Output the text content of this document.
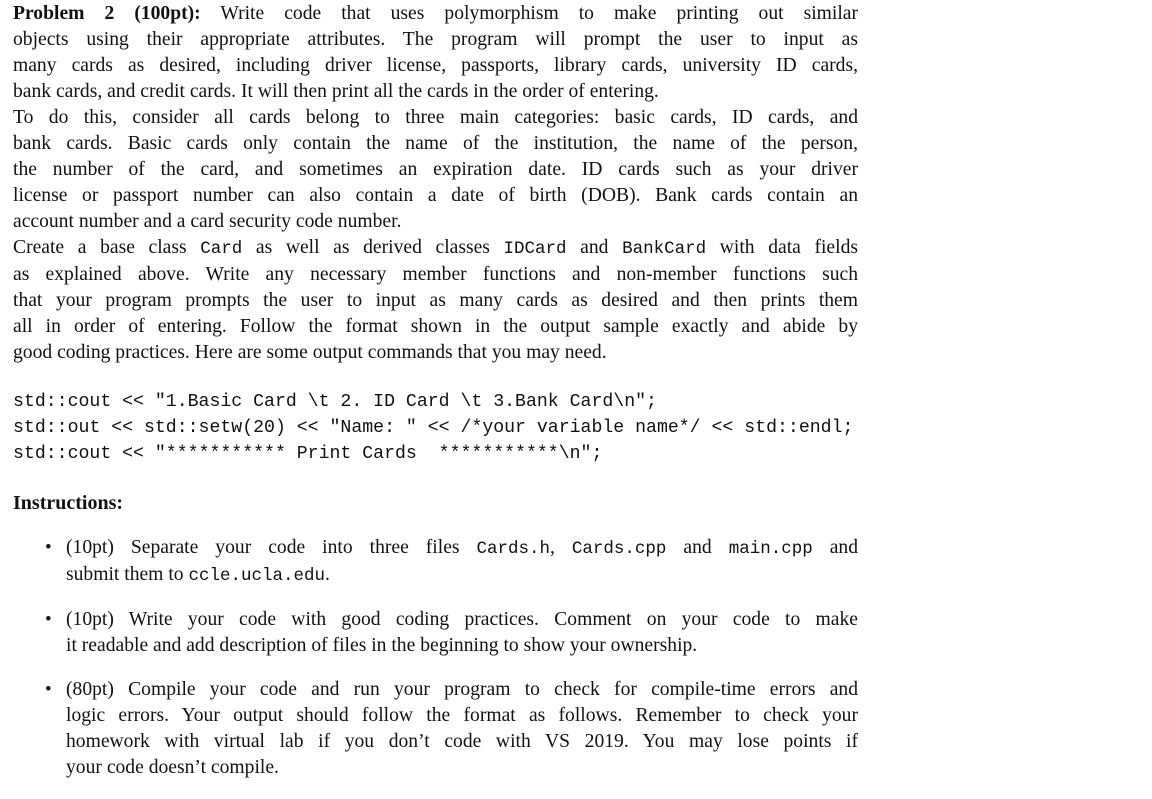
Problem 2 (100pt): Write code that uses polymorphism to make printing out similar
objects using their appropriate attributes. The program will prompt the user to input as
many cards as desired, including driver license, passports, library cards, university ID cards,
bank cards, and credit cards. It will then print all the cards in the order of entering.

To do this, consider all cards belong to three main categories: basic cards, ID cards, and
bank cards. Basic cards only contain the name of the institution, the name of the person,
the number of the card, and sometimes an expiration date. ID cards such as your driver
license or passport number can also contain a date of birth (DOB). Bank cards contain an
account number and a card security code number.

Create a base class Card as well as derived classes IDCard and BankCard with data fields
as explained above. Write any necessary member functions and non-member functions such
that your program prompts the user to input as many cards as desired and then prints them
all in order of entering. Follow the format shown in the output sample exactly and abide by
good coding practices. Here are some output commands that you may need.

std::cout << "1.Basic Card \t 2. ID Card \t 3.Bank Card\n";
std::out << std::setw(20) << "Name: " << /*your variable name*/ << std::endl;
std::cout << "*********** Print Cards  ***********\n";
Instructions:
• (10pt) Separate your code into three files Cards.h, Cards.cpp and main.cpp and
submit them to ccle.ucla.edu.
• (10pt) Write your code with good coding practices. Comment on your code to make
it readable and add description of files in the beginning to show your ownership.
• (80pt) Compile your code and run your program to check for compile-time errors and
logic errors. Your output should follow the format as follows. Remember to check your
homework with virtual lab if you don’t code with VS 2019. You may lose points if
your code doesn’t compile.
